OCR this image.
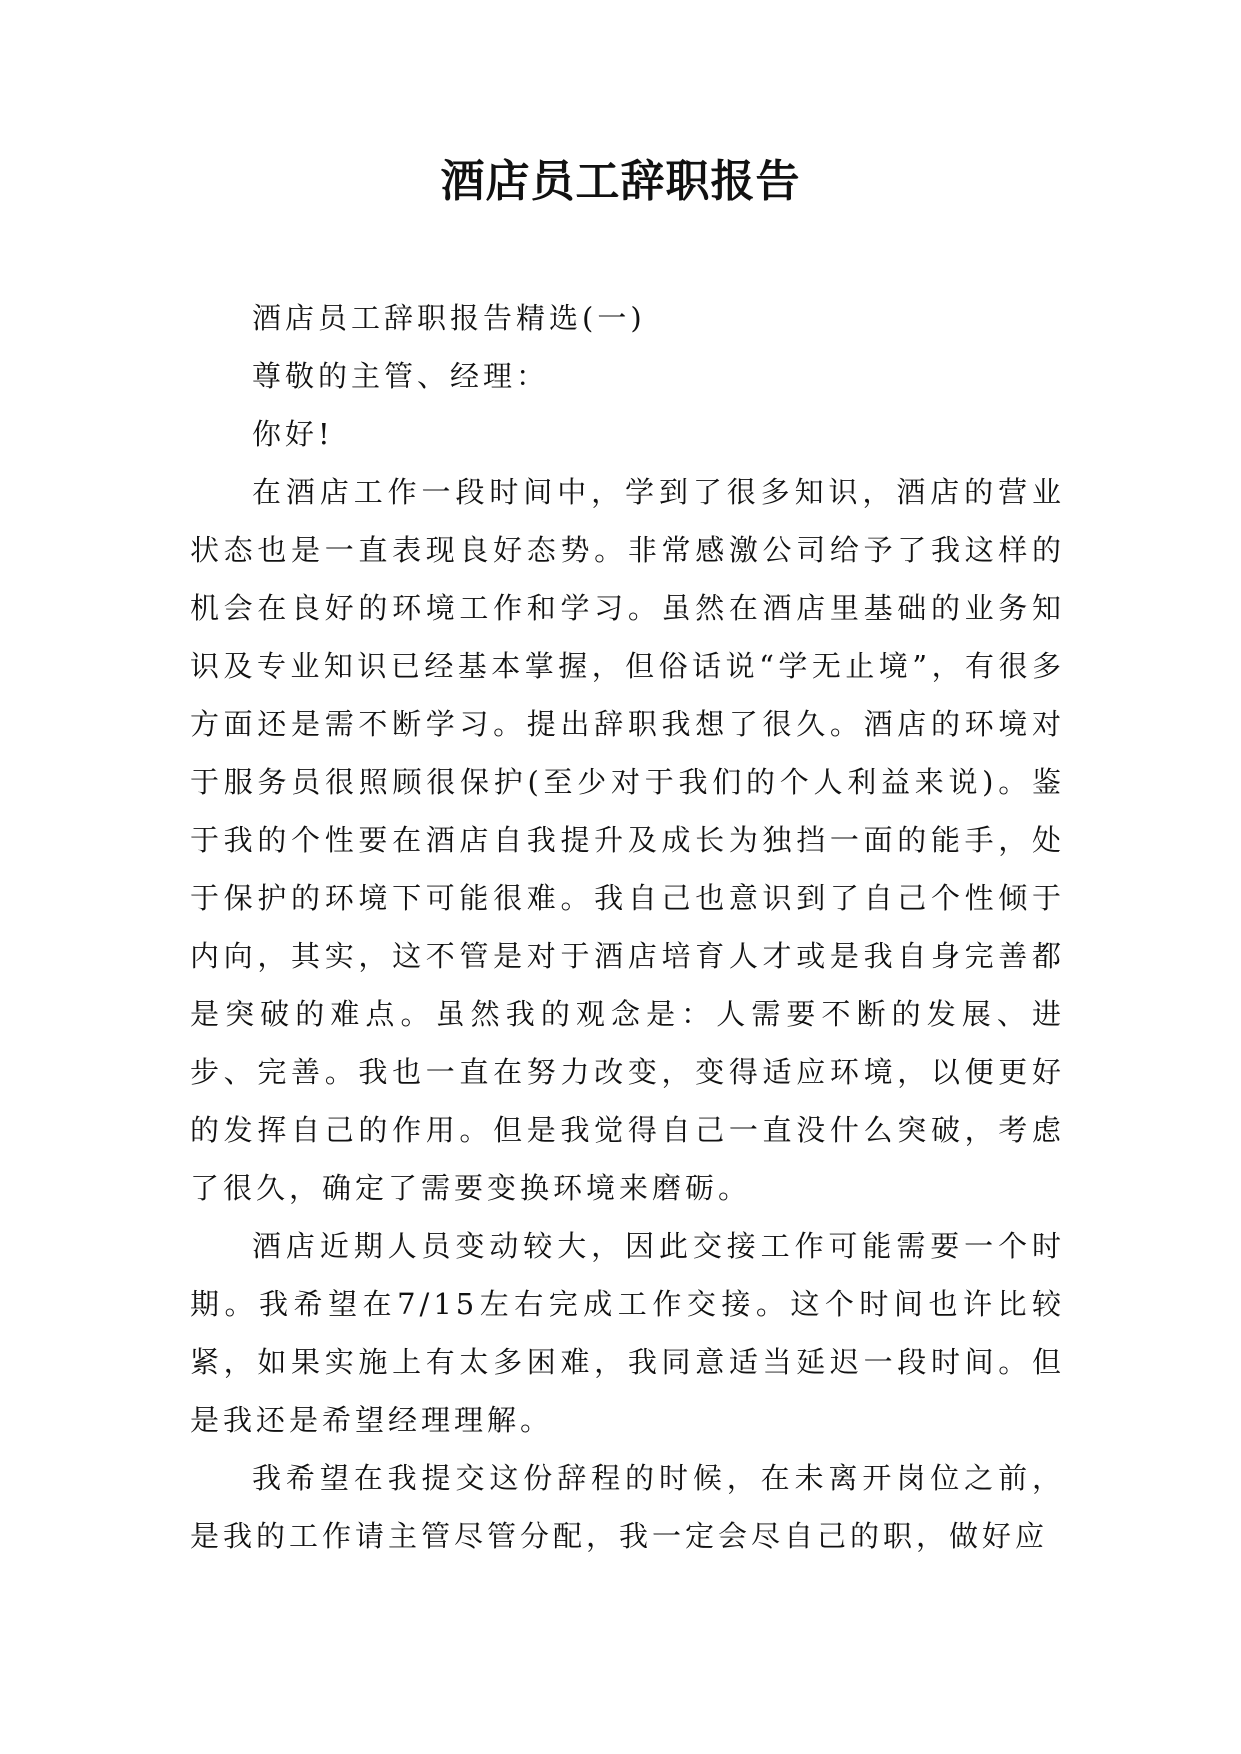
酒店员工辞职报告

酒店员工辞职报告精选(一)

尊敬的主管、经理：

你好!

在酒店工作一段时间中，学到了很多知识，酒店的营业状态也是一直表现良好态势。非常感激公司给予了我这样的机会在良好的环境工作和学习。虽然在酒店里基础的业务知识及专业知识已经基本掌握，但俗话说“学无止境”，有很多方面还是需不断学习。提出辞职我想了很久。酒店的环境对于服务员很照顾很保护(至少对于我们的个人利益来说)。鉴于我的个性要在酒店自我提升及成长为独挡一面的能手，处于保护的环境下可能很难。我自己也意识到了自己个性倾于内向，其实，这不管是对于酒店培育人才或是我自身完善都是突破的难点。虽然我的观念是：人需要不断的发展、进步、完善。我也一直在努力改变，变得适应环境，以便更好的发挥自己的作用。但是我觉得自己一直没什么突破，考虑了很久，确定了需要变换环境来磨砺。

酒店近期人员变动较大，因此交接工作可能需要一个时期。我希望在7/15左右完成工作交接。这个时间也许比较紧，如果实施上有太多困难，我同意适当延迟一段时间。但是我还是希望经理理解。

我希望在我提交这份辞程的时候，在未离开岗位之前，是我的工作请主管尽管分配，我一定会尽自己的职，做好应
